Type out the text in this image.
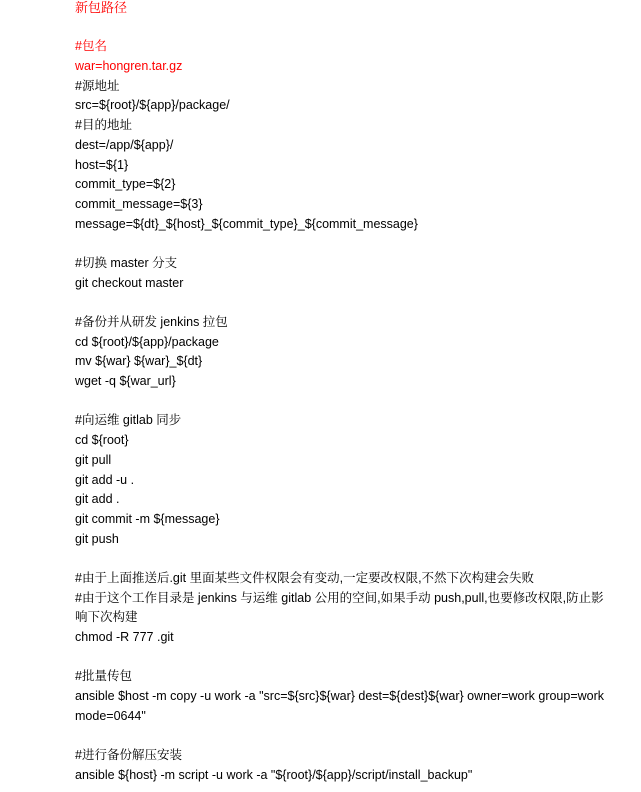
新包路径
#包名
war=hongren.tar.gz
#源地址
src=${root}/${app}/package/
#目的地址
dest=/app/${app}/
host=${1}
commit_type=${2}
commit_message=${3}
message=${dt}_${host}_${commit_type}_${commit_message}
#切换 master 分支
git checkout master
#备份并从研发 jenkins 拉包
cd ${root}/${app}/package
mv ${war} ${war}_${dt}
wget -q ${war_url}
#向运维 gitlab 同步
cd ${root}
git pull
git add -u .
git add .
git commit -m ${message}
git push
#由于上面推送后.git 里面某些文件权限会有变动,一定要改权限,不然下次构建会失败
#由于这个工作目录是 jenkins 与运维 gitlab 公用的空间,如果手动 push,pull,也要修改权限,防止影响下次构建
chmod -R 777 .git
#批量传包
ansible $host -m copy -u work -a "src=${src}${war} dest=${dest}${war} owner=work group=work mode=0644"
#进行备份解压安装
ansible ${host} -m script -u work -a "${root}/${app}/script/install_backup"
